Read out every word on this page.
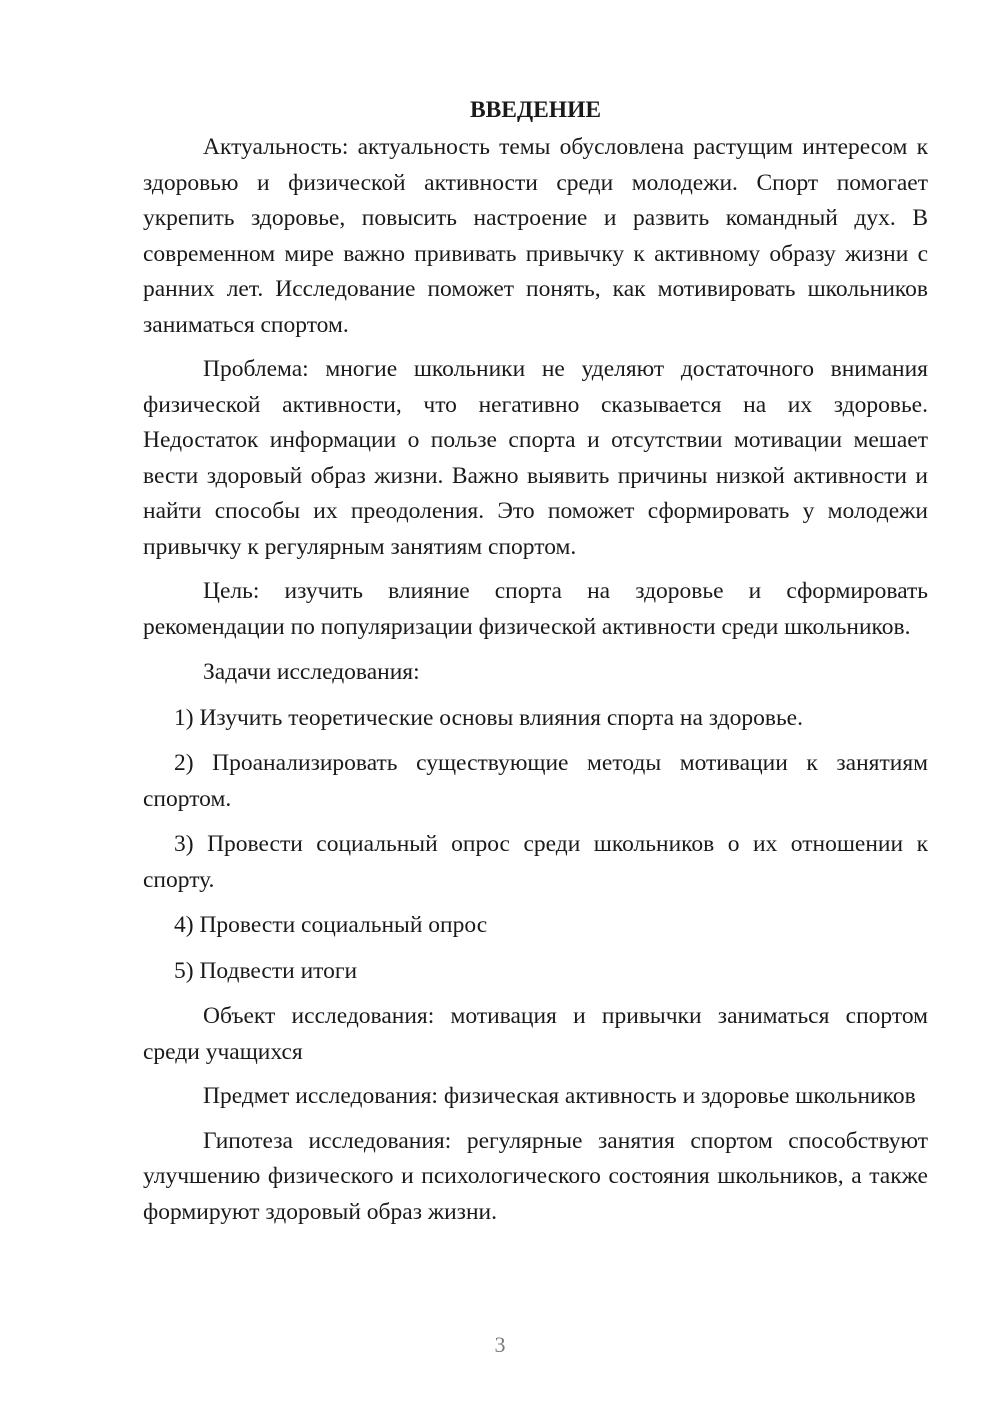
ВВЕДЕНИЕ

Актуальность: актуальность темы обусловлена растущим интересом к здоровью и физической активности среди молодежи. Спорт помогает укрепить здоровье, повысить настроение и развить командный дух. В современном мире важно прививать привычку к активному образу жизни с ранних лет. Исследование поможет понять, как мотивировать школьников заниматься спортом.

Проблема: многие школьники не уделяют достаточного внимания физической активности, что негативно сказывается на их здоровье. Недостаток информации о пользе спорта и отсутствии мотивации мешает вести здоровый образ жизни. Важно выявить причины низкой активности и найти способы их преодоления. Это поможет сформировать у молодежи привычку к регулярным занятиям спортом.

Цель: изучить влияние спорта на здоровье и сформировать рекомендации по популяризации физической активности среди школьников.

Задачи исследования:

1) Изучить теоретические основы влияния спорта на здоровье.

2) Проанализировать существующие методы мотивации к занятиям спортом.

3) Провести социальный опрос среди школьников о их отношении к спорту.

4) Провести социальный опрос

5) Подвести итоги

Объект исследования: мотивация и привычки заниматься спортом среди учащихся

Предмет исследования: физическая активность и здоровье школьников

Гипотеза исследования: регулярные занятия спортом способствуют улучшению физического и психологического состояния школьников, а также формируют здоровый образ жизни.

3
